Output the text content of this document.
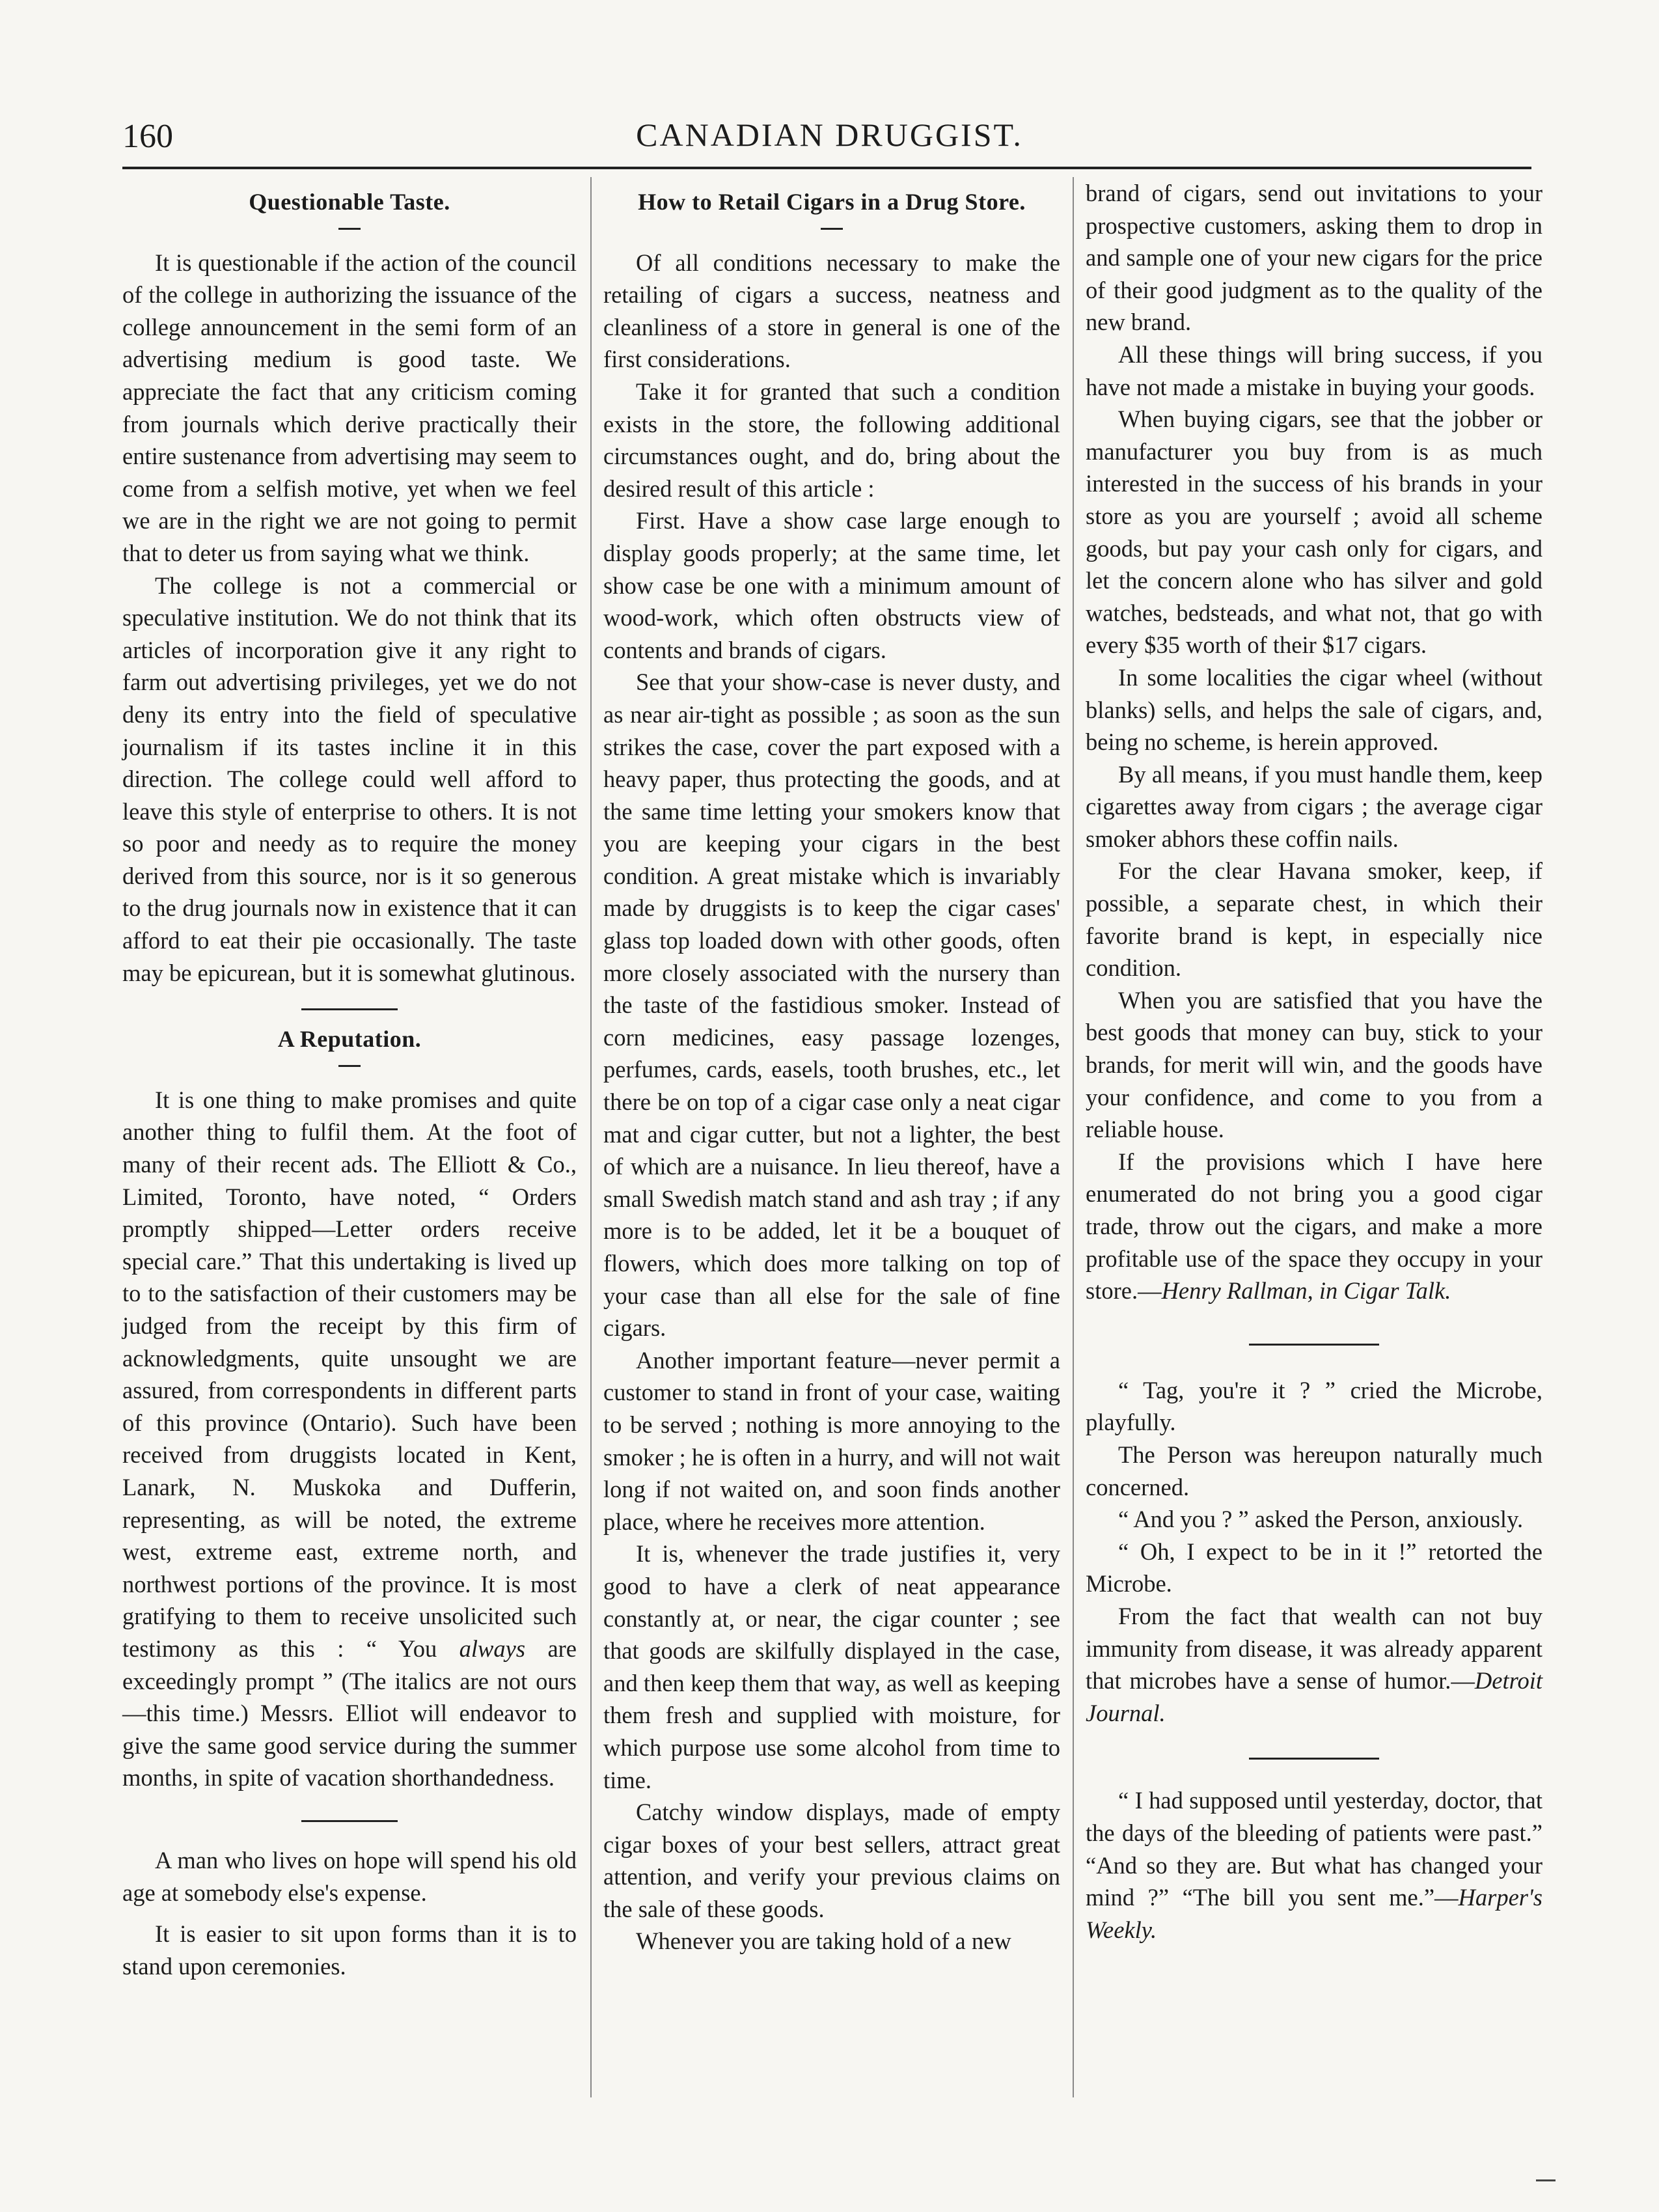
160	CANADIAN DRUGGIST.
Questionable Taste.

It is questionable if the action of the council of the college in authorizing the issuance of the college announcement in the semi form of an advertising medium is good taste. We appreciate the fact that any criticism coming from journals which derive practically their entire sustenance from advertising may seem to come from a selfish motive, yet when we feel we are in the right we are not going to permit that to deter us from saying what we think.

The college is not a commercial or speculative institution. We do not think that its articles of incorporation give it any right to farm out advertising privileges, yet we do not deny its entry into the field of speculative journalism if its tastes incline it in this direction. The college could well afford to leave this style of enterprise to others. It is not so poor and needy as to require the money derived from this source, nor is it so generous to the drug journals now in existence that it can afford to eat their pie occasionally. The taste may be epicurean, but it is somewhat glutinous.

A Reputation.

It is one thing to make promises and quite another thing to fulfil them. At the foot of many of their recent ads. The Elliott & Co., Limited, Toronto, have noted, “ Orders promptly shipped—Letter orders receive special care.” That this undertaking is lived up to to the satisfaction of their customers may be judged from the receipt by this firm of acknowledgments, quite unsought we are assured, from correspondents in different parts of this province (Ontario). Such have been received from druggists located in Kent, Lanark, N. Muskoka and Dufferin, representing, as will be noted, the extreme west, extreme east, extreme north, and northwest portions of the province. It is most gratifying to them to receive unsolicited such testimony as this : “ You always are exceedingly prompt ” (The italics are not ours—this time.) Messrs. Elliot will endeavor to give the same good service during the summer months, in spite of vacation shorthandedness.

A man who lives on hope will spend his old age at somebody else's expense.

It is easier to sit upon forms than it is to stand upon ceremonies.

How to Retail Cigars in a Drug Store.

Of all conditions necessary to make the retailing of cigars a success, neatness and cleanliness of a store in general is one of the first considerations.

Take it for granted that such a condition exists in the store, the following additional circumstances ought, and do, bring about the desired result of this article :

First. Have a show case large enough to display goods properly; at the same time, let show case be one with a minimum amount of wood-work, which often obstructs view of contents and brands of cigars.

See that your show-case is never dusty, and as near air-tight as possible ; as soon as the sun strikes the case, cover the part exposed with a heavy paper, thus protecting the goods, and at the same time letting your smokers know that you are keeping your cigars in the best condition. A great mistake which is invariably made by druggists is to keep the cigar cases' glass top loaded down with other goods, often more closely associated with the nursery than the taste of the fastidious smoker. Instead of corn medicines, easy passage lozenges, perfumes, cards, easels, tooth brushes, etc., let there be on top of a cigar case only a neat cigar mat and cigar cutter, but not a lighter, the best of which are a nuisance. In lieu thereof, have a small Swedish match stand and ash tray ; if any more is to be added, let it be a bouquet of flowers, which does more talking on top of your case than all else for the sale of fine cigars.

Another important feature—never permit a customer to stand in front of your case, waiting to be served ; nothing is more annoying to the smoker ; he is often in a hurry, and will not wait long if not waited on, and soon finds another place, where he receives more attention.

It is, whenever the trade justifies it, very good to have a clerk of neat appearance constantly at, or near, the cigar counter ; see that goods are skilfully displayed in the case, and then keep them that way, as well as keeping them fresh and supplied with moisture, for which purpose use some alcohol from time to time.

Catchy window displays, made of empty cigar boxes of your best sellers, attract great attention, and verify your previous claims on the sale of these goods.

Whenever you are taking hold of a new

brand of cigars, send out invitations to your prospective customers, asking them to drop in and sample one of your new cigars for the price of their good judgment as to the quality of the new brand.

All these things will bring success, if you have not made a mistake in buying your goods.

When buying cigars, see that the jobber or manufacturer you buy from is as much interested in the success of his brands in your store as you are yourself ; avoid all scheme goods, but pay your cash only for cigars, and let the concern alone who has silver and gold watches, bedsteads, and what not, that go with every $35 worth of their $17 cigars.

In some localities the cigar wheel (without blanks) sells, and helps the sale of cigars, and, being no scheme, is herein approved.

By all means, if you must handle them, keep cigarettes away from cigars ; the average cigar smoker abhors these coffin nails.

For the clear Havana smoker, keep, if possible, a separate chest, in which their favorite brand is kept, in especially nice condition.

When you are satisfied that you have the best goods that money can buy, stick to your brands, for merit will win, and the goods have your confidence, and come to you from a reliable house.

If the provisions which I have here enumerated do not bring you a good cigar trade, throw out the cigars, and make a more profitable use of the space they occupy in your store.—Henry Rallman, in Cigar Talk.

“ Tag, you're it ? ” cried the Microbe, playfully.

The Person was hereupon naturally much concerned.

“ And you ? ” asked the Person, anxiously.

“ Oh, I expect to be in it !” retorted the Microbe.

From the fact that wealth can not buy immunity from disease, it was already apparent that microbes have a sense of humor.—Detroit Journal.

“ I had supposed until yesterday, doctor, that the days of the bleeding of patients were past.” “And so they are. But what has changed your mind ?” “The bill you sent me.”—Harper's Weekly.
